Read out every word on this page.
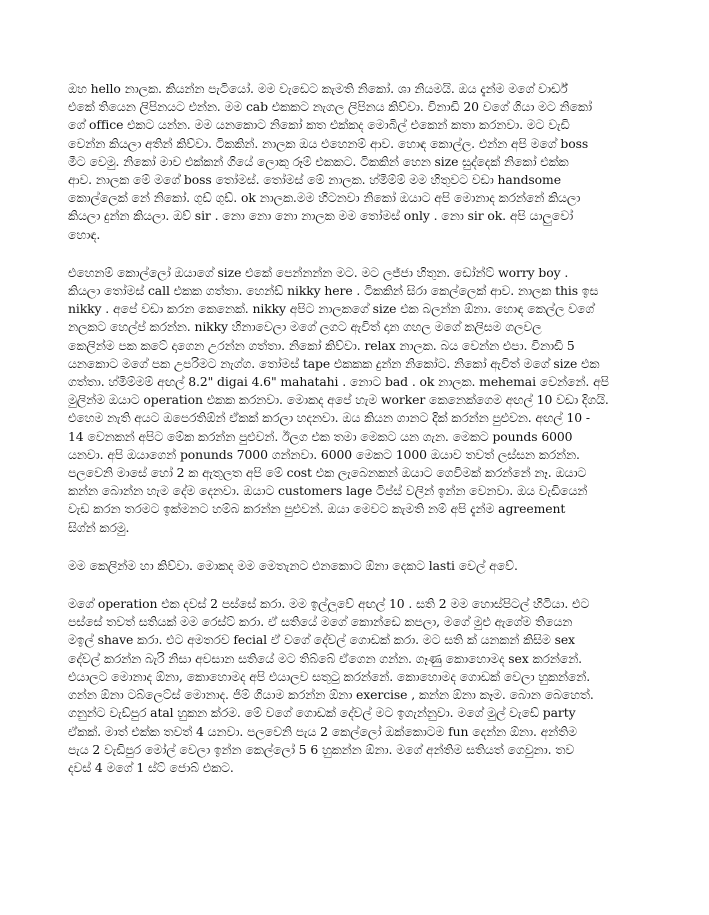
ඔහ hello නාලක. කියන්න පැටියෝ. මම වැඩෙට කැමති නිකෝ. ශා නියමයි. ඔය දැන්ම මගේ වාර්ඩ්
එකේ තියෙන ලිපිනයට එන්න. මම cab එකකට නැගල ලිපිනය කිව්වා. විනාඩි 20 වගේ ගියා මට නිකෝ
ගේ office එකට යන්න. මම යනකොට නිකෝ කත එක්කද මොබිල් එකෙන් කතා කරනවා. මට වැඩි
වෙන්න කියලා අතින් කිව්වා. ටිකකින්. නාලක ඔය එහෙනම් ආව. හොඳ කොල්ල. එන්න අපි මගේ boss
මීට වෙමු. නිකෝ මාව එක්කන් ගියේ ලොකු රූම් එකකට. ටිකකින් හෙන size සුද්දෙක් නිකෝ එක්ක
ආව. නාලක මේ මගේ boss තෝමස්. තෝමස් මේ නාලක. හ්මිම්ම් මම හිතුවට වඩා handsome
කොල්ලෙක් නේ නිකෝ. ගුඩ් ගුඩ්. ok නාලක.මම හිටනවා නිකෝ ඔයාට අපි මොනාද කරන්නේ කියලා
කියලා දුන්න කියලා. ඔව් sir . නො නො නො නාලක මම තෝමස් only . නො sir ok. අපි යාලුවෝ
හොඳ.

එහෙනම් කොල්ලෝ ඔයාගේ size එකේ පෙන්නන්න මට. මට ලජ්ජා හිතුන. ඩෝන්ට් worry boy .
කියලා තෝමස් call එකක ගත්තා. හෙන්ඩ් nikky here . ටිකකින් සිරා කෙල්ලෙක් ආව. නාලක this ඉස
nikky . අපේ වඩා කරන කෙනෙක්. nikky අපිට නාලකගේ size එක බලන්න ඕනා. හොඳ කෙල්ල වගේ
නලකට හෙල්ප් කරන්න. nikky හිනාවෙලා මගේ ලගට ඇවිත් දාන ගහල මගේ කලිසම ගලවල
කෙලින්ම පක කටේ දාගෙන උරන්න ගත්තා. නිකෝ කිව්වා. relax නාලක. බය වෙන්න එපා. විනාඩි 5
යනකොට මගේ පක උපරිමට නැග්ග. තෝමස් tape එකකක දුන්න නිකෝට. නිකෝ ඇවිත් මගේ size එක
ගත්තා. හ්මිම්මම් අඟල් 8.2" digai 4.6" mahatahi . නොට bad . ok නාලක. mehemai වෙන්නේ. අපි
මුලින්ම ඔයාට operation එකක කරනවා. මොකද අපේ හැම worker කෙනෙක්ගෙම අඟල් 10 වඩා දිගයි.
එහෙම නැති අයට ඔපෙරතිඕන් ඒකක් කරලා හදනවා. ඔය කියන ගානට දික් කරන්න පුළුවන. අඟල් 10 -
14 වෙනකන් අපිට මේක කරන්න පුළුවන්. ඊලග එක තමා මෙකට යන ගැන. මෙකට pounds 6000
යනවා. අපි ඔයාගෙන් ponunds 7000 ගන්නවා. 6000 මෙකට 1000 ඔයාව තවත් ලස්සන කරන්න.
පලවෙනි මාසේ හෝ 2 ක ඇතුලත අපි මේ cost එක ලැබෙනකන් ඔයාට ගෙවිමක් කරන්නේ නෑ. ඔයාට
කන්න බොන්න හැම දේම දෙනවා. ඔයාට customers lage ටිප්ස් වලින් ඉන්න වෙනවා. ඔය වැඩියෙන්
වැඩ කරන තරමට ඉක්මනට හම්බ කරන්න පුළුවන්. ඔයා මෙවට කැමති නම් අපි දැන්ම agreement
සිග්න් කරමු.

මම කෙලින්ම හා කිව්වා. මොකද මම මෙතැනට එනකොට ඕනා දෙකට lasti වෙල් අවේ.

මගේ operation එක දවස් 2 පස්සේ කරා. මම ඉල්ලුවේ අඟල් 10 . සති 2 මම හොස්පිටල් හිටියා. එට
පස්සේ තවත් සතියක් මම රෙස්ට් කරා. ඒ සතියේ මගේ කොන්ඩෙ කපලා, මගේ මුළු ඇගේම තියෙන
මඉල් shave කරා. එට අමතරව fecial ඒ වගේ දේවල් ගොඩක් කරා. මට සති ක් යනකන් කිසිම sex
දේවල් කරන්න බැරි නිසා අවසාන සතියේ මට තිබ්බේ ඒගෙන ගන්න. ගෑණු කොහොමද sex කරන්නේ.
එයාලට මොනාද ඕනා, කොහොමද අපි එයාලව සතුටු කරන්නේ. කොහොමද ගොඩක් වෙලා හුකන්නේ.
ගන්න ඕනා ටබ්ලෙට්ස් මොනාද. ජිම් ගියාම කරන්න ඕනා exercise , කන්න ඕනා කෑම. බොන බෙහෙත්.
ගනුන්ට වැඩ්පුර atal හුකන ක්රම. මේ වගේ ගොඩක් දේවල් මට ඉගැන්නුවා. මගේ මුල් වැඩේ party
ඒකක්. මාත් එක්ක තවත් 4 යනවා. පලවෙනි පැය 2 කෙල්ලෝ ඔක්කොටම fun දෙන්න ඕනා. අන්තිම
පැය 2 වැඩිපුර මෝල් වෙලා ඉන්න කෙල්ලෝ 5 6 හුකන්න ඕනා. මගේ අන්තිම සතියත් ගෙවුනා. තව
දවස් 4 මගේ 1 ස්ට් ජොබ් එකට.
